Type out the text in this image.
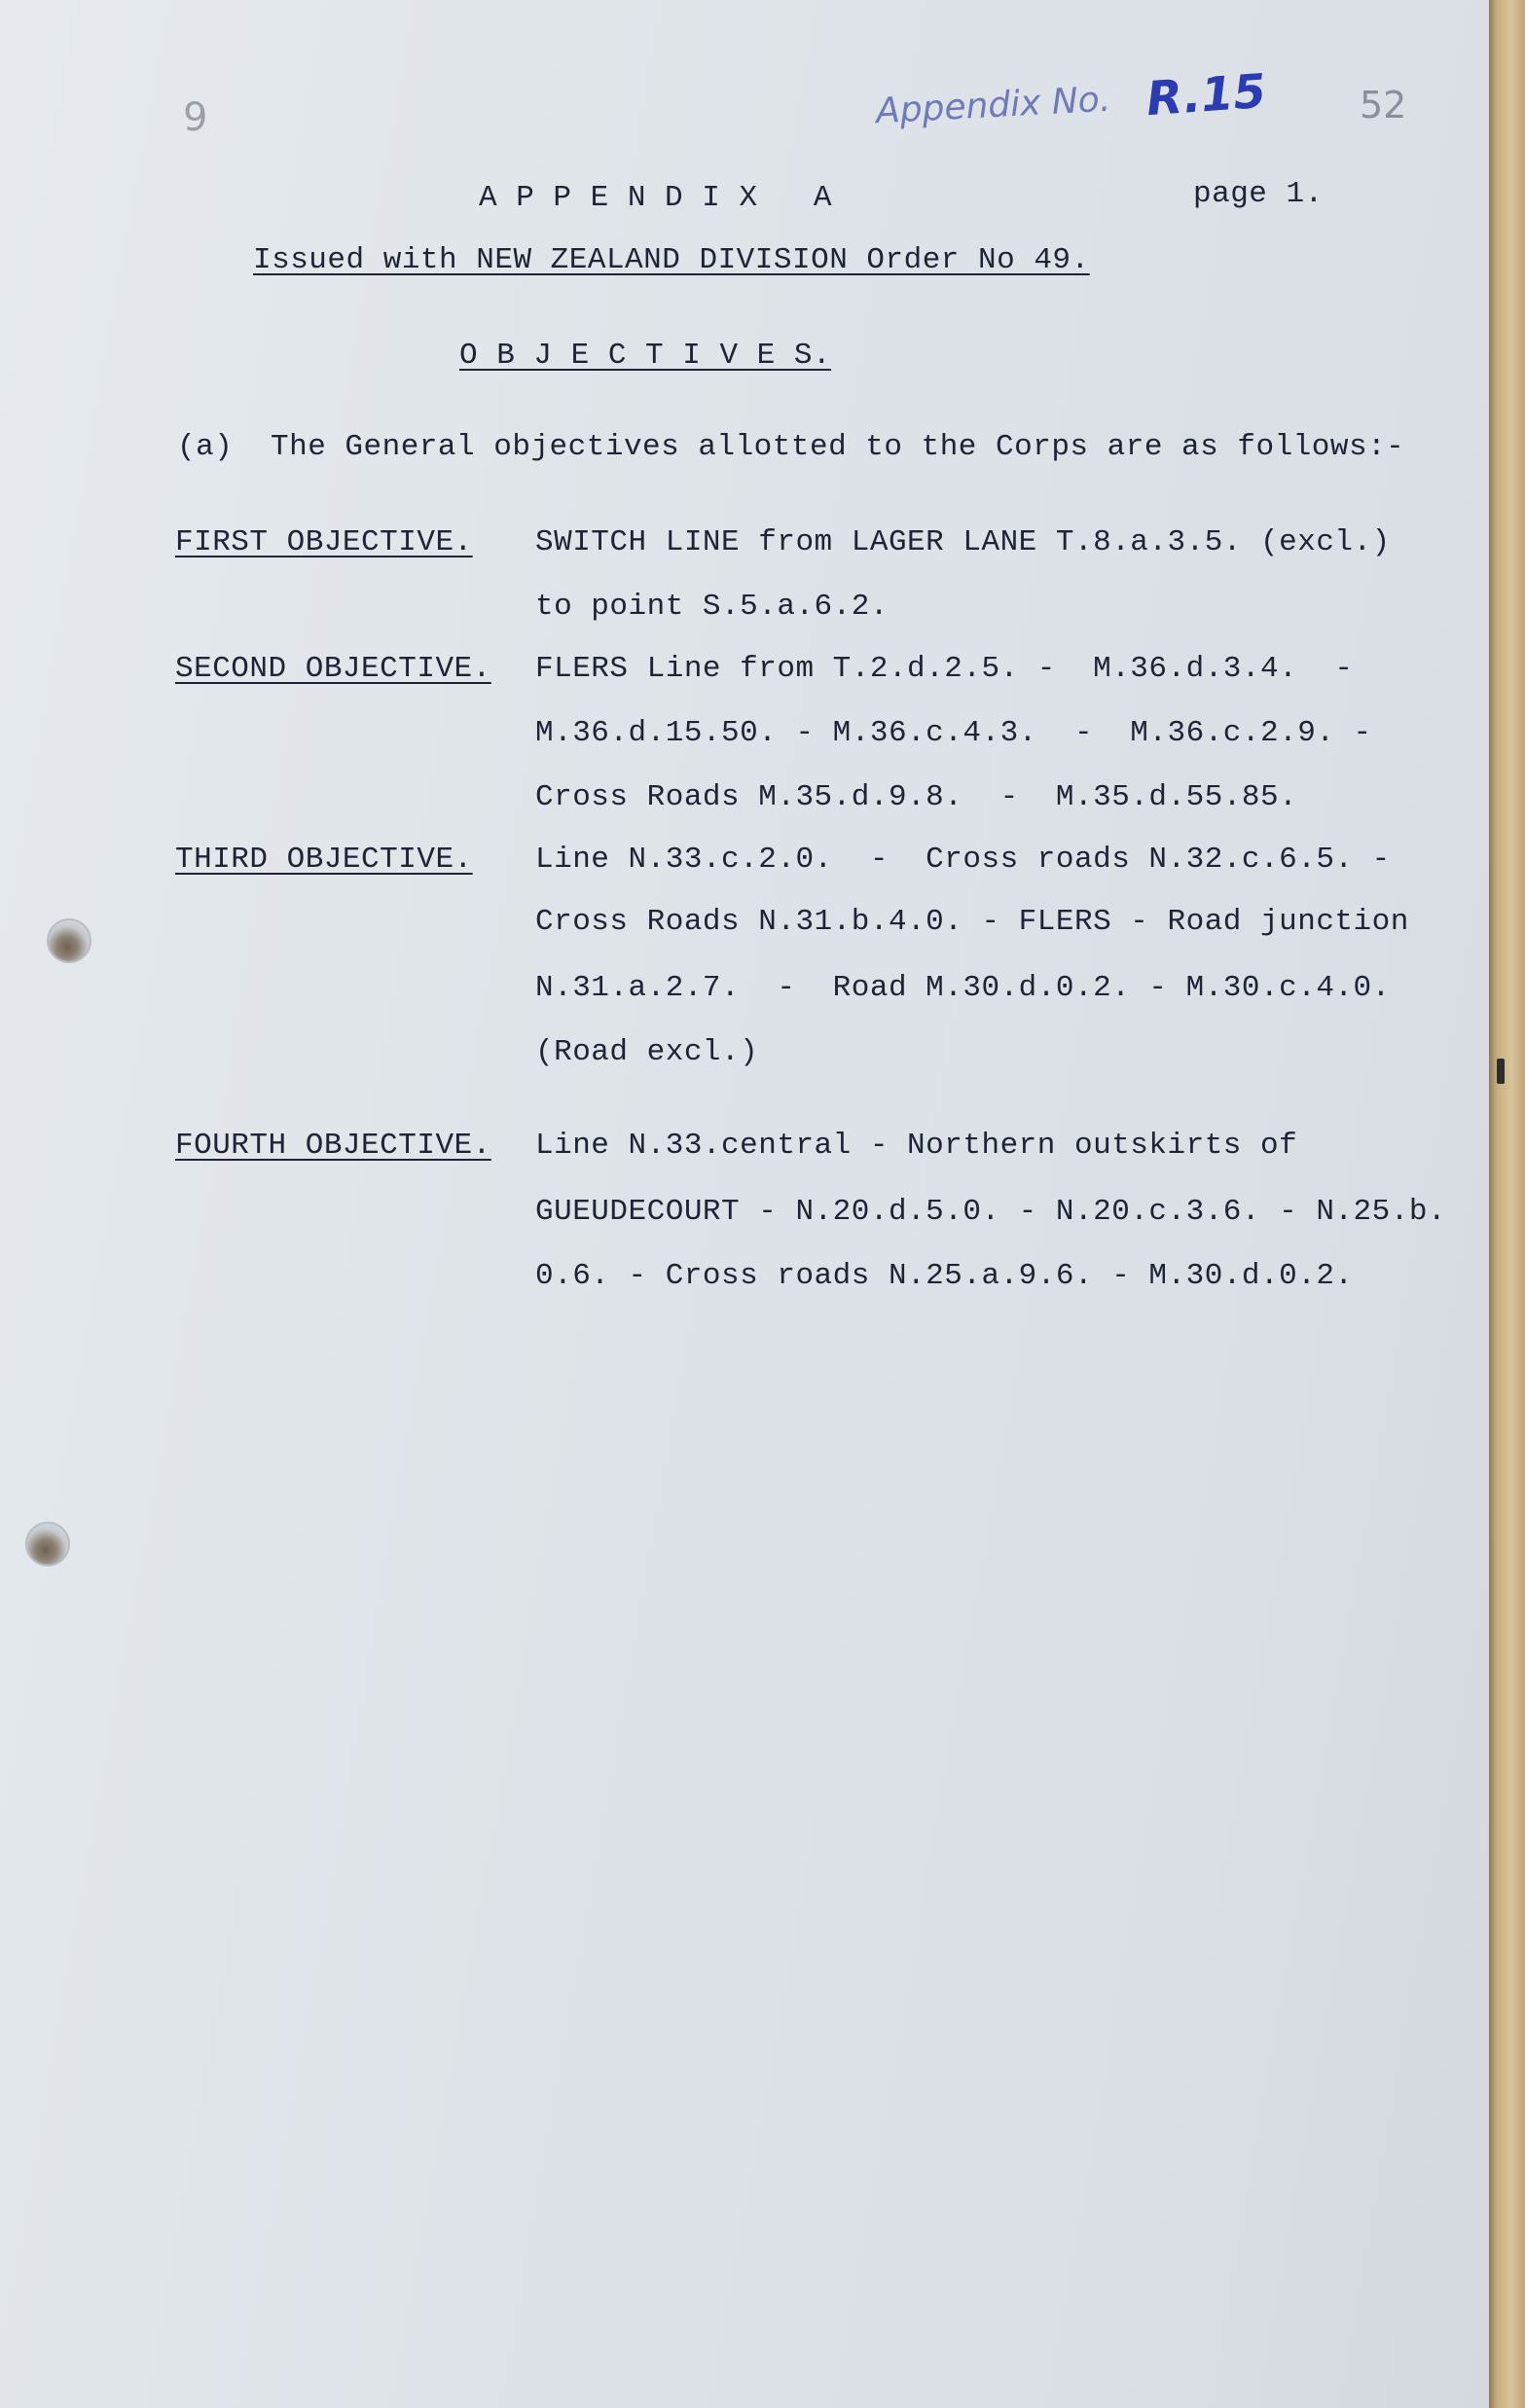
9	Appendix No. R.15 52
A P P E N D I X   A	page 1.
Issued with NEW ZEALAND DIVISION Order No 49.
O B J E C T I V E S.
(a) The General objectives allotted to the Corps are as follows:-
FIRST OBJECTIVE. SWITCH LINE from LAGER LANE T.8.a.3.5. (excl.)
to point S.5.a.6.2.
SECOND OBJECTIVE. FLERS Line from T.2.d.2.5. -  M.36.d.3.4.  -
M.36.d.15.50. - M.36.c.4.3.  -  M.36.c.2.9. -
Cross Roads M.35.d.9.8.  -  M.35.d.55.85.
THIRD OBJECTIVE. Line N.33.c.2.0.  -  Cross roads N.32.c.6.5. -
Cross Roads N.31.b.4.0. - FLERS - Road junction
N.31.a.2.7.  -  Road M.30.d.0.2. - M.30.c.4.0.
(Road excl.)
FOURTH OBJECTIVE. Line N.33.central - Northern outskirts of
GUEUDECOURT - N.20.d.5.0. - N.20.c.3.6. - N.25.b.
0.6. - Cross roads N.25.a.9.6. - M.30.d.0.2.
